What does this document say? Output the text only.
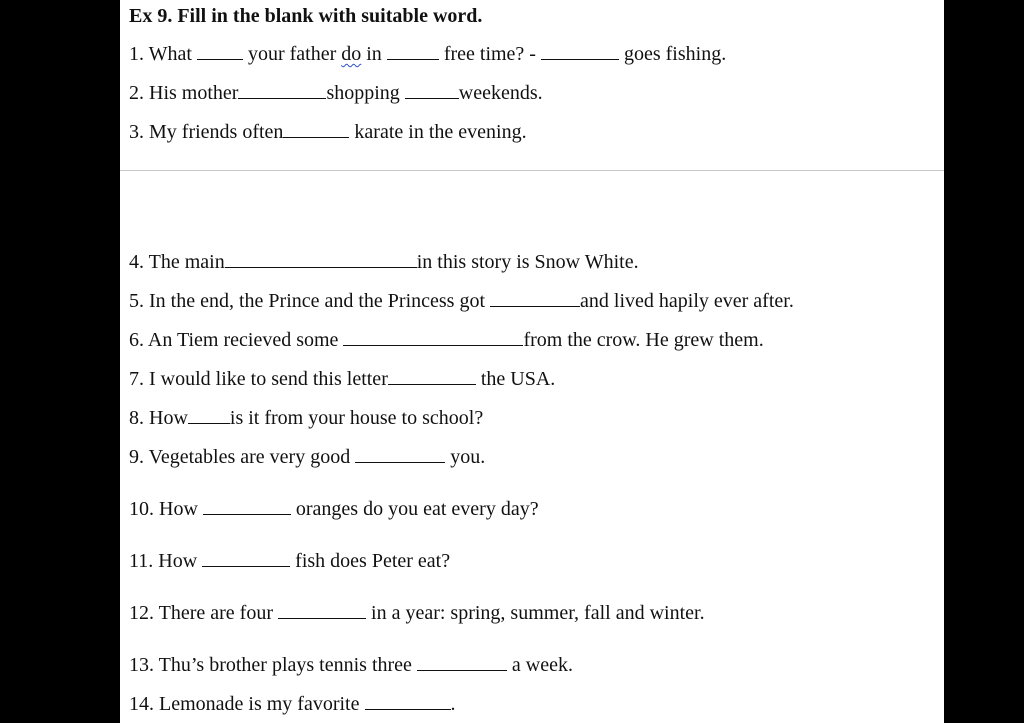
Ex 9. Fill in the blank with suitable word.
1. What	your father do in	free time? -	goes fishing.
2. His mother	shopping	weekends.
3. My friends often	karate in the evening.
4. The main	in this story is Snow White.
5. In the end, the Prince and the Princess got	and lived hapily ever after.
6. An Tiem recieved some	from the crow. He grew them.
7. I would like to send this letter	the USA.
8. How is it from your house to school?
9. Vegetables are very good	you.
10. How	oranges do you eat every day?
11. How	fish does Peter eat?
12. There are four	in a year: spring, summer, fall and winter.
13. Thu’s brother plays tennis three	a week.
14. Lemonade is my favorite	.
